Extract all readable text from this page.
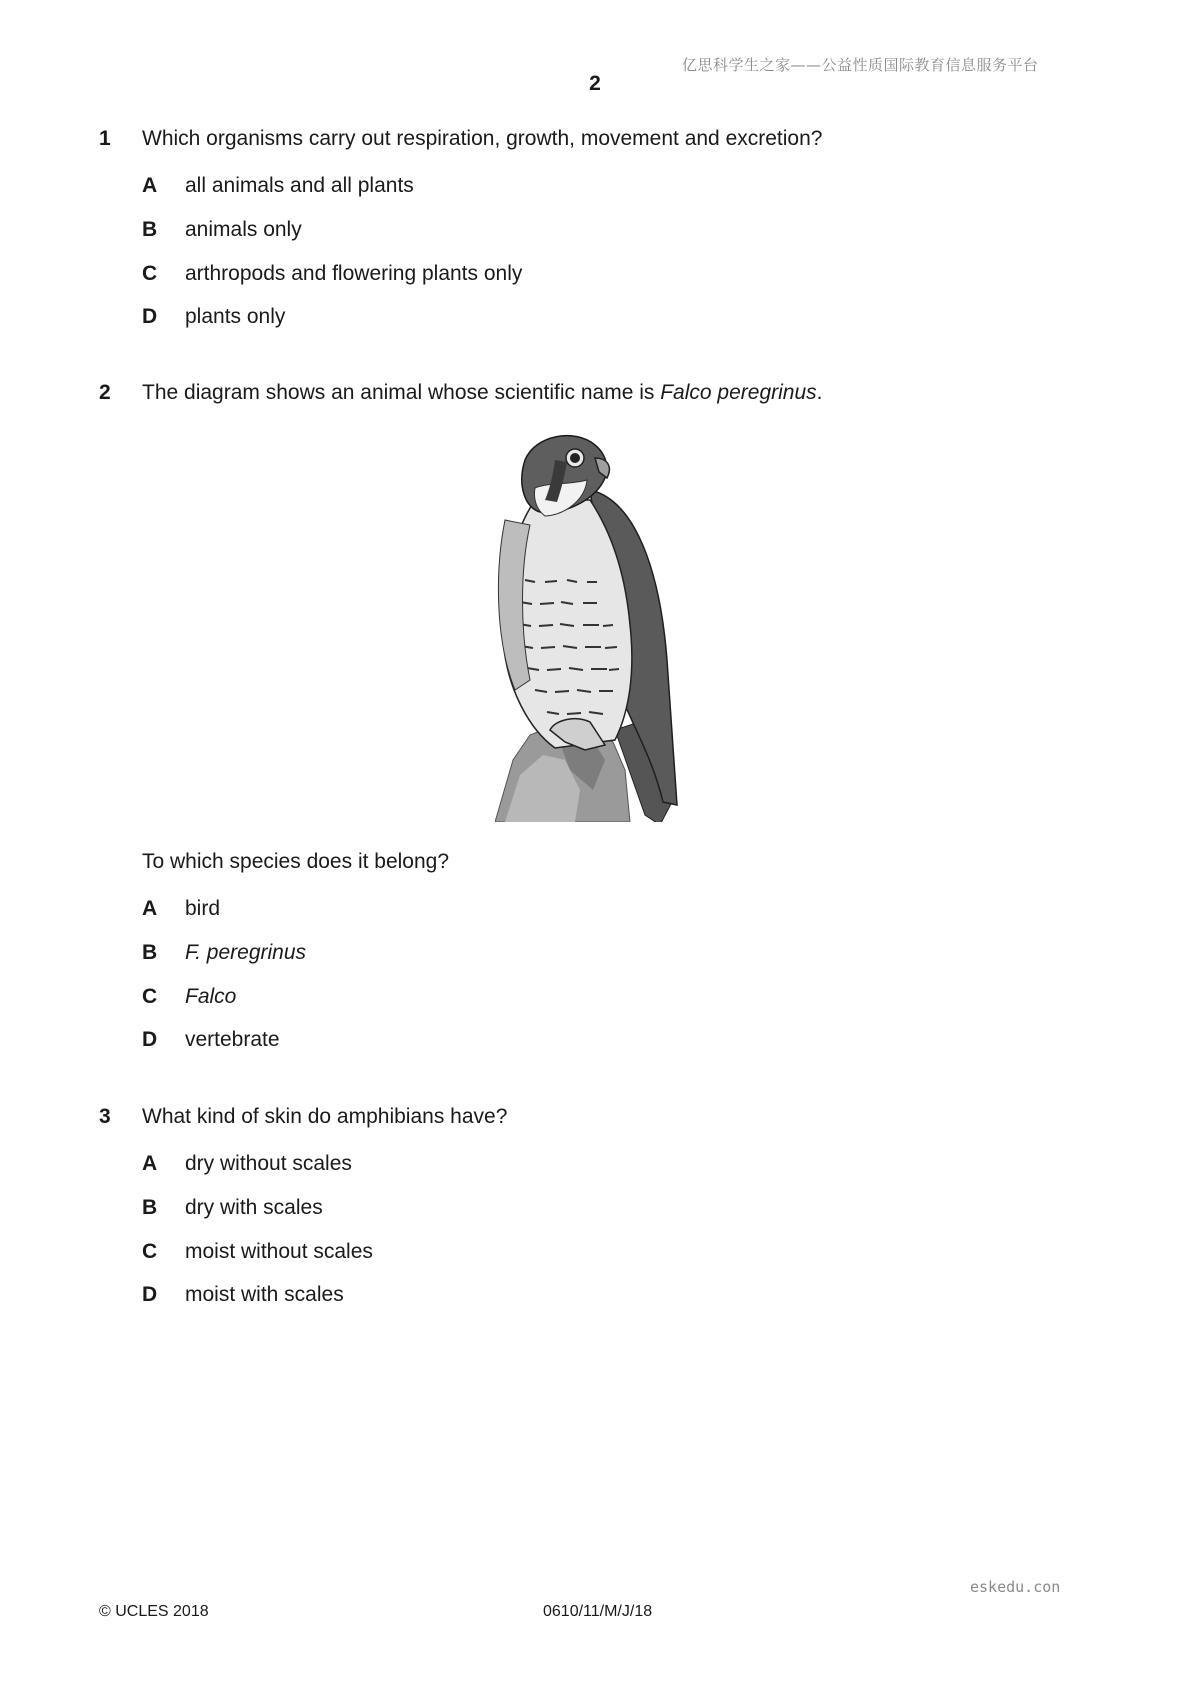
亿思科学生之家——公益性质国际教育信息服务平台
2
1 Which organisms carry out respiration, growth, movement and excretion?
A all animals and all plants
B animals only
C arthropods and flowering plants only
D plants only
2 The diagram shows an animal whose scientific name is Falco peregrinus.
To which species does it belong?
A bird
B F. peregrinus
C Falco
D vertebrate
3 What kind of skin do amphibians have?
A dry without scales
B dry with scales
C moist without scales
D moist with scales
eskedu.con
© UCLES 2018	0610/11/M/J/18
